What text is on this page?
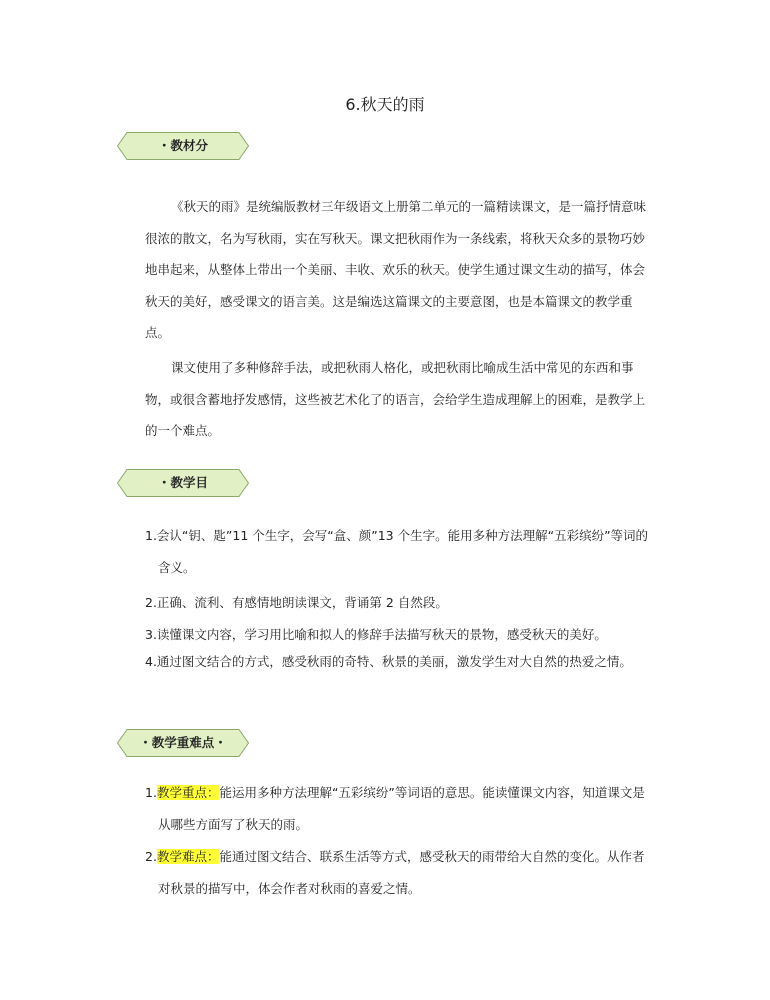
6.秋天的雨
・教材分

《秋天的雨》是统编版教材三年级语文上册第二单元的一篇精读课文，是一篇抒情意味很浓的散文，名为写秋雨，实在写秋天。课文把秋雨作为一条线索，将秋天众多的景物巧妙地串起来，从整体上带出一个美丽、丰收、欢乐的秋天。使学生通过课文生动的描写，体会秋天的美好，感受课文的语言美。这是编选这篇课文的主要意图，也是本篇课文的教学重点。

课文使用了多种修辞手法，或把秋雨人格化，或把秋雨比喻成生活中常见的东西和事物，或很含蓄地抒发感情，这些被艺术化了的语言，会给学生造成理解上的困难，是教学上的一个难点。

・教学目

1.会认“钥、匙”11 个生字，会写“盒、颜”13 个生字。能用多种方法理解“五彩缤纷”等词的含义。

2.正确、流利、有感情地朗读课文，背诵第 2 自然段。
3.读懂课文内容，学习用比喻和拟人的修辞手法描写秋天的景物，感受秋天的美好。

4.通过图文结合的方式，感受秋雨的奇特、秋景的美丽，激发学生对大自然的热爱之情。

・教学重难点・

1.教学重点：能运用多种方法理解“五彩缤纷”等词语的意思。能读懂课文内容，知道课文是从哪些方面写了秋天的雨。

2.教学难点：能通过图文结合、联系生活等方式，感受秋天的雨带给大自然的变化。从作者对秋景的描写中，体会作者对秋雨的喜爱之情。
